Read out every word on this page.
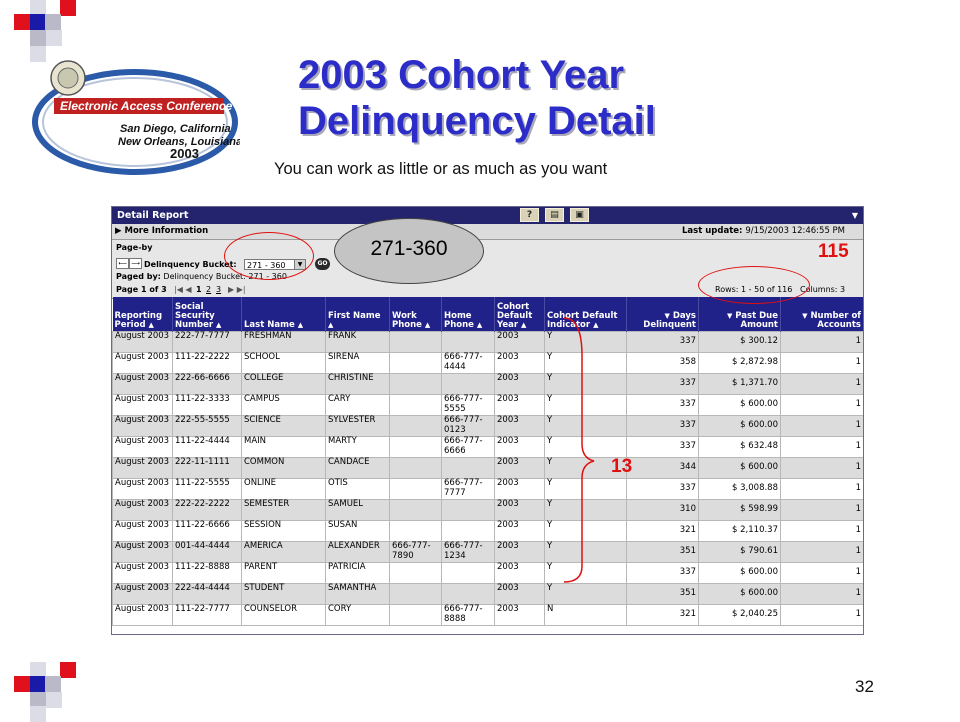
Electronic Access Conference
San Diego, California
New Orleans, Louisiana
2003
2003 Cohort Year
Delinquency Detail
You can work as little or as much as you want
Detail Report	?	▤	▣	▼
▶ More Information	Last update: 9/15/2003 12:46:55 PM
Page-by
⟵ ⟶ Delinquency Bucket:	271 - 360	▼	GO
Paged by: Delinquency Bucket: 271 - 360
Page 1 of 3 |◀ ◀ 1 2 3 ▶ ▶|	Rows: 1 - 50 of 116 Columns: 3
Reporting Period ▲	Social Security Number ▲	Last Name ▲	First Name ▲	Work Phone ▲	Home Phone ▲	Cohort Default Year ▲	Cohort Default Indicator ▲	▼ Days Delinquent	▼ Past Due Amount	▼ Number of Accounts
August 2003	222-77-7777	FRESHMAN	FRANK			2003	Y	337	$ 300.12	1
August 2003	111-22-2222	SCHOOL	SIRENA		666-777-4444	2003	Y	358	$ 2,872.98	1
August 2003	222-66-6666	COLLEGE	CHRISTINE			2003	Y	337	$ 1,371.70	1
August 2003	111-22-3333	CAMPUS	CARY		666-777-5555	2003	Y	337	$ 600.00	1
August 2003	222-55-5555	SCIENCE	SYLVESTER		666-777-0123	2003	Y	337	$ 600.00	1
August 2003	111-22-4444	MAIN	MARTY		666-777-6666	2003	Y	337	$ 632.48	1
August 2003	222-11-1111	COMMON	CANDACE			2003	Y	344	$ 600.00	1
August 2003	111-22-5555	ONLINE	OTIS		666-777-7777	2003	Y	337	$ 3,008.88	1
August 2003	222-22-2222	SEMESTER	SAMUEL			2003	Y	310	$ 598.99	1
August 2003	111-22-6666	SESSION	SUSAN			2003	Y	321	$ 2,110.37	1
August 2003	001-44-4444	AMERICA	ALEXANDER	666-777-7890	666-777-1234	2003	Y	351	$ 790.61	1
August 2003	111-22-8888	PARENT	PATRICIA			2003	Y	337	$ 600.00	1
August 2003	222-44-4444	STUDENT	SAMANTHA			2003	Y	351	$ 600.00	1
August 2003	111-22-7777	COUNSELOR	CORY		666-777-8888	2003	N	321	$ 2,040.25	1
271-360	115
13
32
